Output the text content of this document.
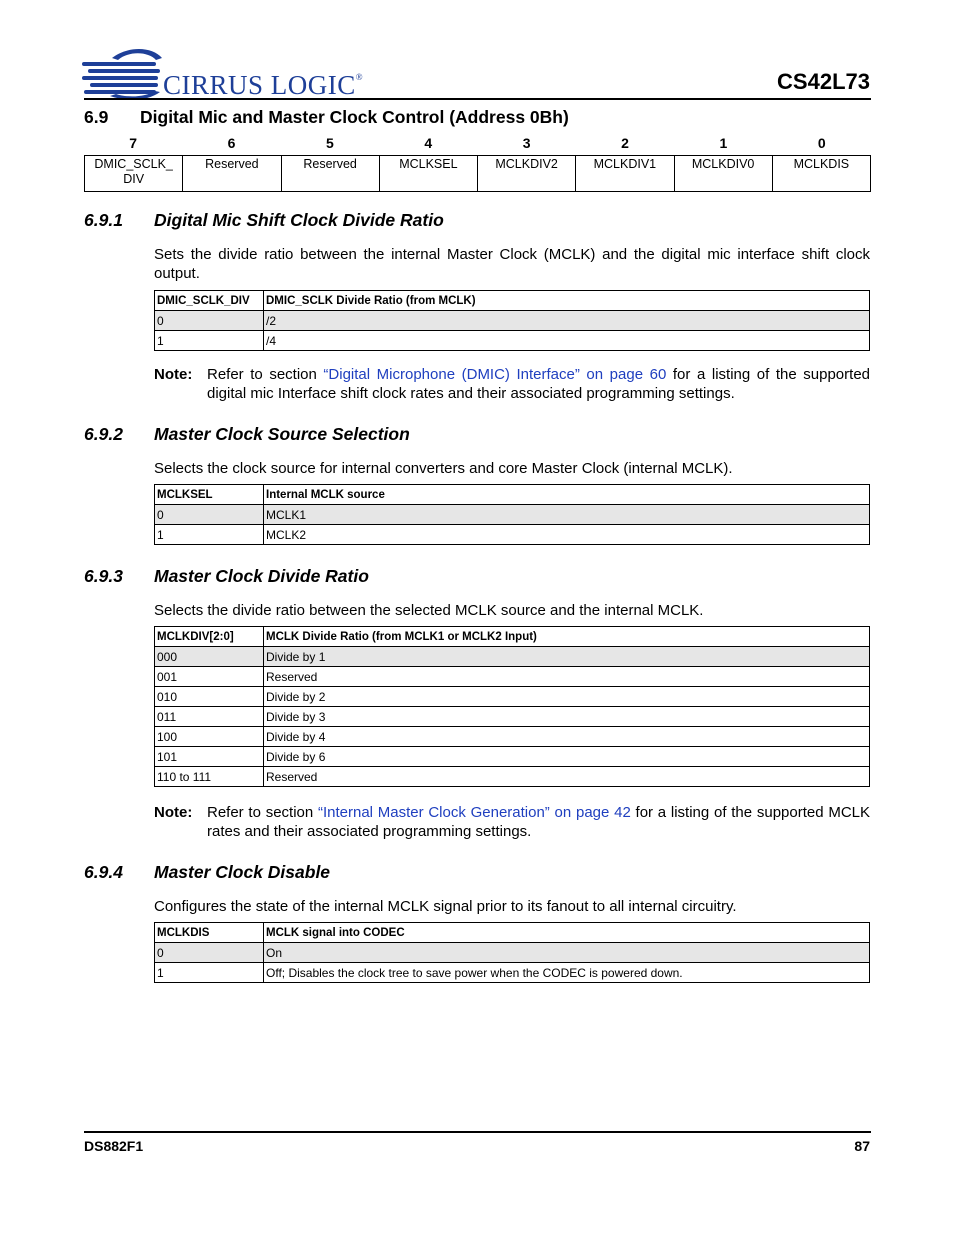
CIRRUS LOGIC®	CS42L73
6.9 Digital Mic and Master Clock Control (Address 0Bh)
7	6	5	4	3	2	1	0
DMIC_SCLK_ DIV	Reserved	Reserved	MCLKSEL	MCLKDIV2	MCLKDIV1	MCLKDIV0	MCLKDIS
6.9.1 Digital Mic Shift Clock Divide Ratio
Sets the divide ratio between the internal Master Clock (MCLK) and the digital mic interface shift clock output.
DMIC_SCLK_DIV	DMIC_SCLK Divide Ratio (from MCLK)
0	/2
1	/4
Note: Refer to section “Digital Microphone (DMIC) Interface” on page 60 for a listing of the supported digital mic Interface shift clock rates and their associated programming settings.
6.9.2 Master Clock Source Selection
Selects the clock source for internal converters and core Master Clock (internal MCLK).
MCLKSEL	Internal MCLK source
0	MCLK1
1	MCLK2
6.9.3 Master Clock Divide Ratio
Selects the divide ratio between the selected MCLK source and the internal MCLK.
MCLKDIV[2:0]	MCLK Divide Ratio (from MCLK1 or MCLK2 Input)
000	Divide by 1
001	Reserved
010	Divide by 2
011	Divide by 3
100	Divide by 4
101	Divide by 6
110 to 111	Reserved
Note: Refer to section “Internal Master Clock Generation” on page 42 for a listing of the supported MCLK rates and their associated programming settings.
6.9.4 Master Clock Disable
Configures the state of the internal MCLK signal prior to its fanout to all internal circuitry.
MCLKDIS	MCLK signal into CODEC
0	On
1	Off; Disables the clock tree to save power when the CODEC is powered down.
DS882F1	87
